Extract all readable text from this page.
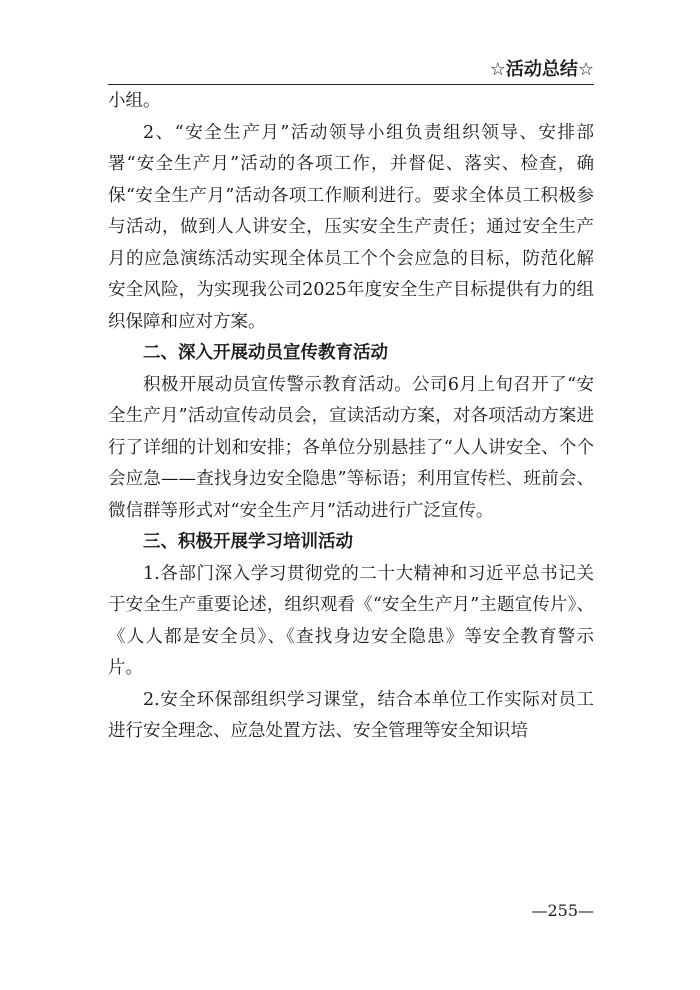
☆活动总结☆

小组。

2、“安全生产月”活动领导小组负责组织领导、安排部署“安全生产月”活动的各项工作，并督促、落实、检查，确保“安全生产月”活动各项工作顺利进行。要求全体员工积极参与活动，做到人人讲安全，压实安全生产责任；通过安全生产月的应急演练活动实现全体员工个个会应急的目标，防范化解安全风险，为实现我公司2025年度安全生产目标提供有力的组织保障和应对方案。

二、深入开展动员宣传教育活动

积极开展动员宣传警示教育活动。公司6月上旬召开了“安全生产月”活动宣传动员会，宣读活动方案，对各项活动方案进行了详细的计划和安排；各单位分别悬挂了“人人讲安全、个个会应急——查找身边安全隐患”等标语；利用宣传栏、班前会、微信群等形式对“安全生产月”活动进行广泛宣传。

三、积极开展学习培训活动

1.各部门深入学习贯彻党的二十大精神和习近平总书记关于安全生产重要论述，组织观看《“安全生产月”主题宣传片》、《人人都是安全员》、《查找身边安全隐患》等安全教育警示片。

2.安全环保部组织学习课堂，结合本单位工作实际对员工进行安全理念、应急处置方法、安全管理等安全知识培

—255—
